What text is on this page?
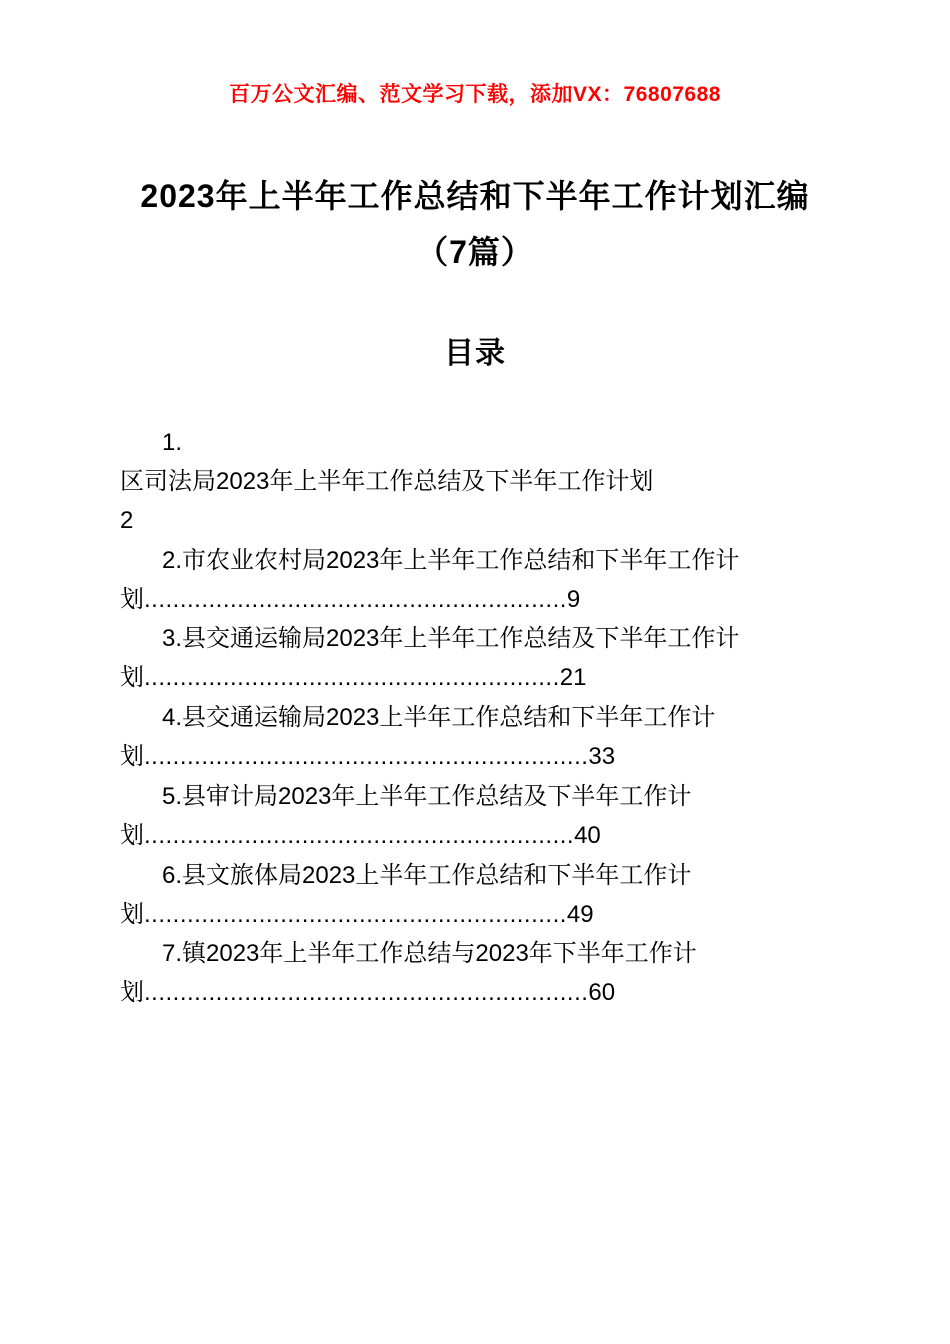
百万公文汇编、范文学习下载，添加VX：76807688
2023年上半年工作总结和下半年工作计划汇编（7篇）
目录
1.
区司法局2023年上半年工作总结及下半年工作计划
2
2.市农业农村局2023年上半年工作总结和下半年工作计划...........................................................9
3.县交通运输局2023年上半年工作总结及下半年工作计划..........................................................21
4.县交通运输局2023上半年工作总结和下半年工作计划..............................................................33
5.县审计局2023年上半年工作总结及下半年工作计划............................................................40
6.县文旅体局2023上半年工作总结和下半年工作计划...........................................................49
7.镇2023年上半年工作总结与2023年下半年工作计划..............................................................60
